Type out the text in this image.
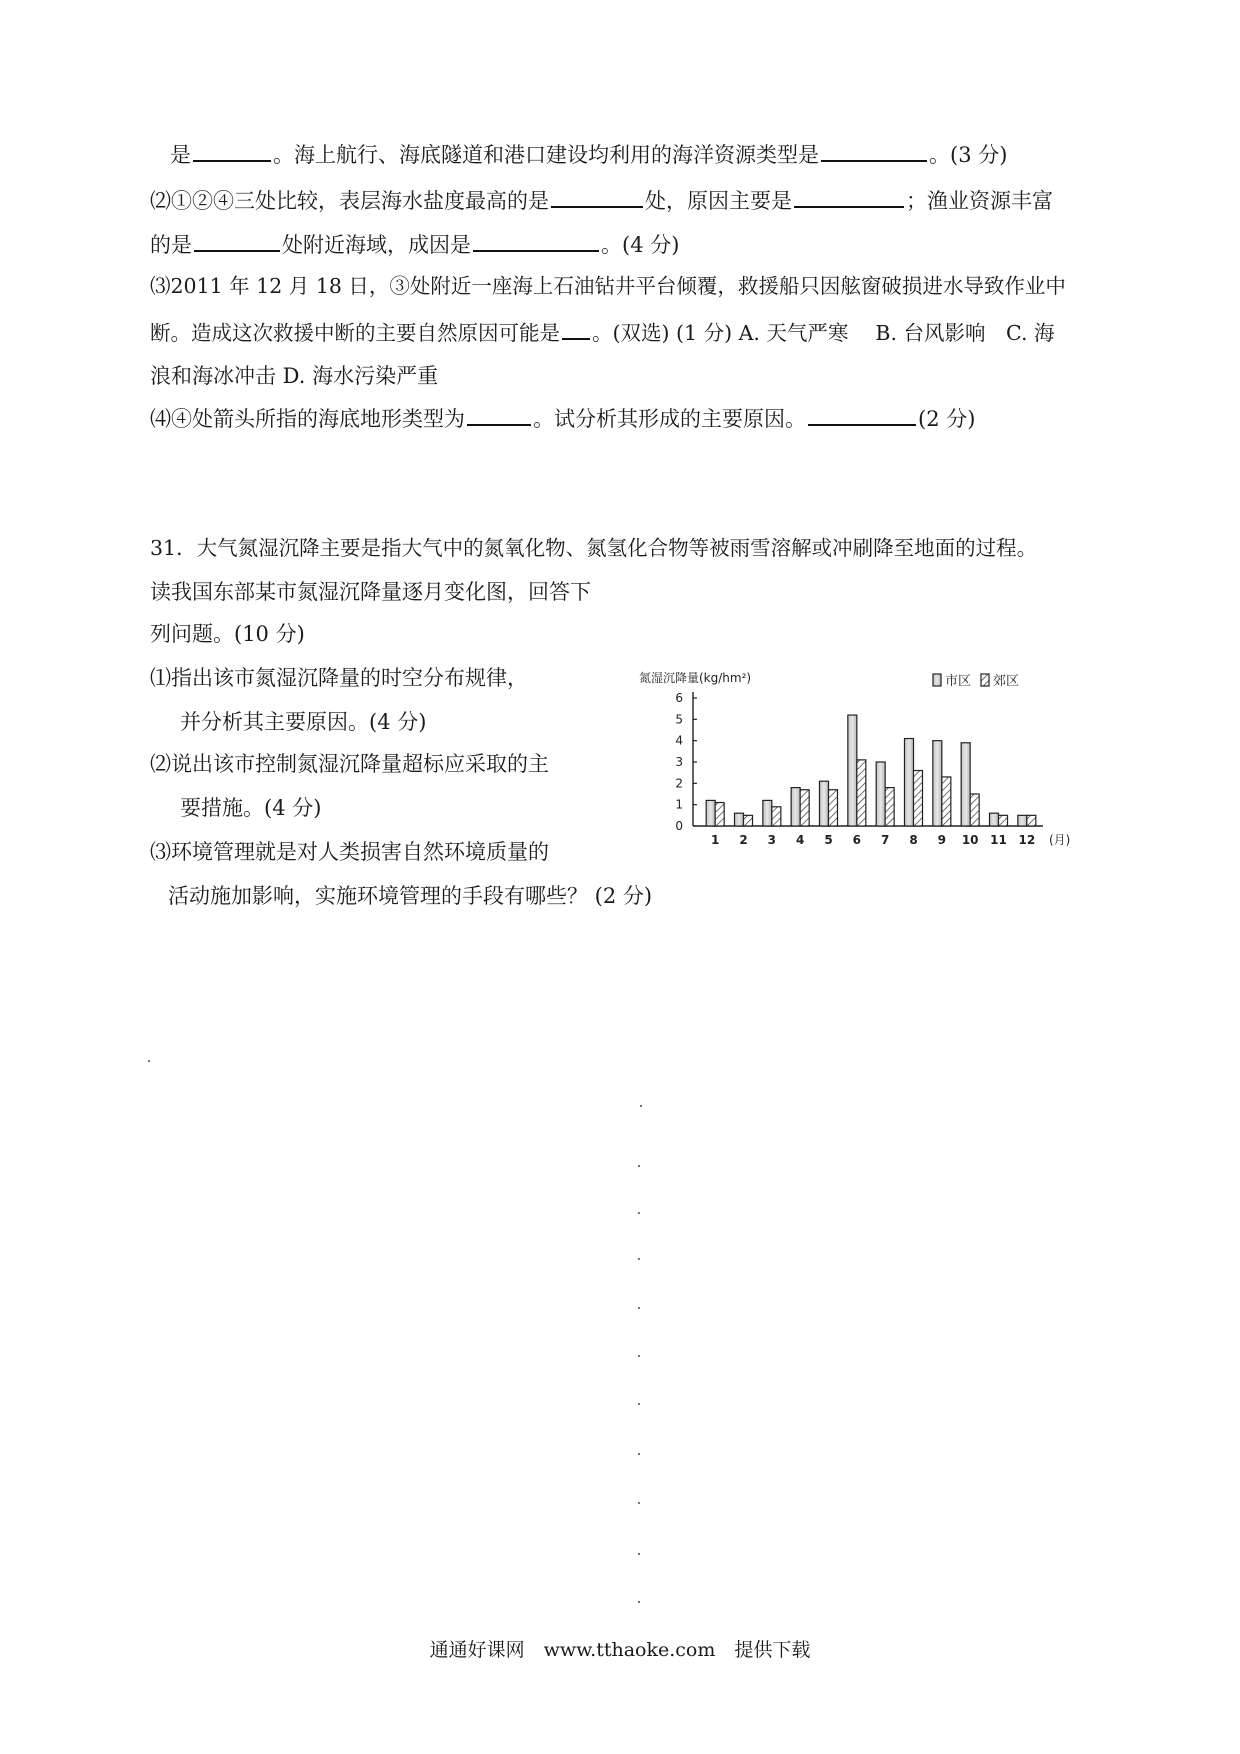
是	。海上航行、海底隧道和港口建设均利用的海洋资源类型是	。(3 分)
⑵①②④三处比较，表层海水盐度最高的是	处，原因主要是	；渔业资源丰富
的是	处附近海域，成因是	。(4 分)
⑶2011 年 12 月 18 日，③处附近一座海上石油钻井平台倾覆，救援船只因舷窗破损进水导致作业中
断。造成这次救援中断的主要自然原因可能是 。(双选) (1 分) A. 天气严寒　 B. 台风影响　C. 海
浪和海冰冲击 D. 海水污染严重
⑷④处箭头所指的海底地形类型为	。试分析其形成的主要原因。	(2 分)
31．大气氮湿沉降主要是指大气中的氮氧化物、氮氢化合物等被雨雪溶解或冲刷降至地面的过程。
读我国东部某市氮湿沉降量逐月变化图，回答下
列问题。(10 分)
⑴指出该市氮湿沉降量的时空分布规律，
并分析其主要原因。(4 分)
⑵说出该市控制氮湿沉降量超标应采取的主
要措施。(4 分)
⑶环境管理就是对人类损害自然环境质量的
活动施加影响，实施环境管理的手段有哪些？ (2 分)
氮湿沉降量(kg/hm²)	市区 郊区
0
1
2
3
4
5
6
1 2 3 4 5 6 7 8 9 10 11 12 (月)
通通好课网　www.tthaoke.com　提供下载
